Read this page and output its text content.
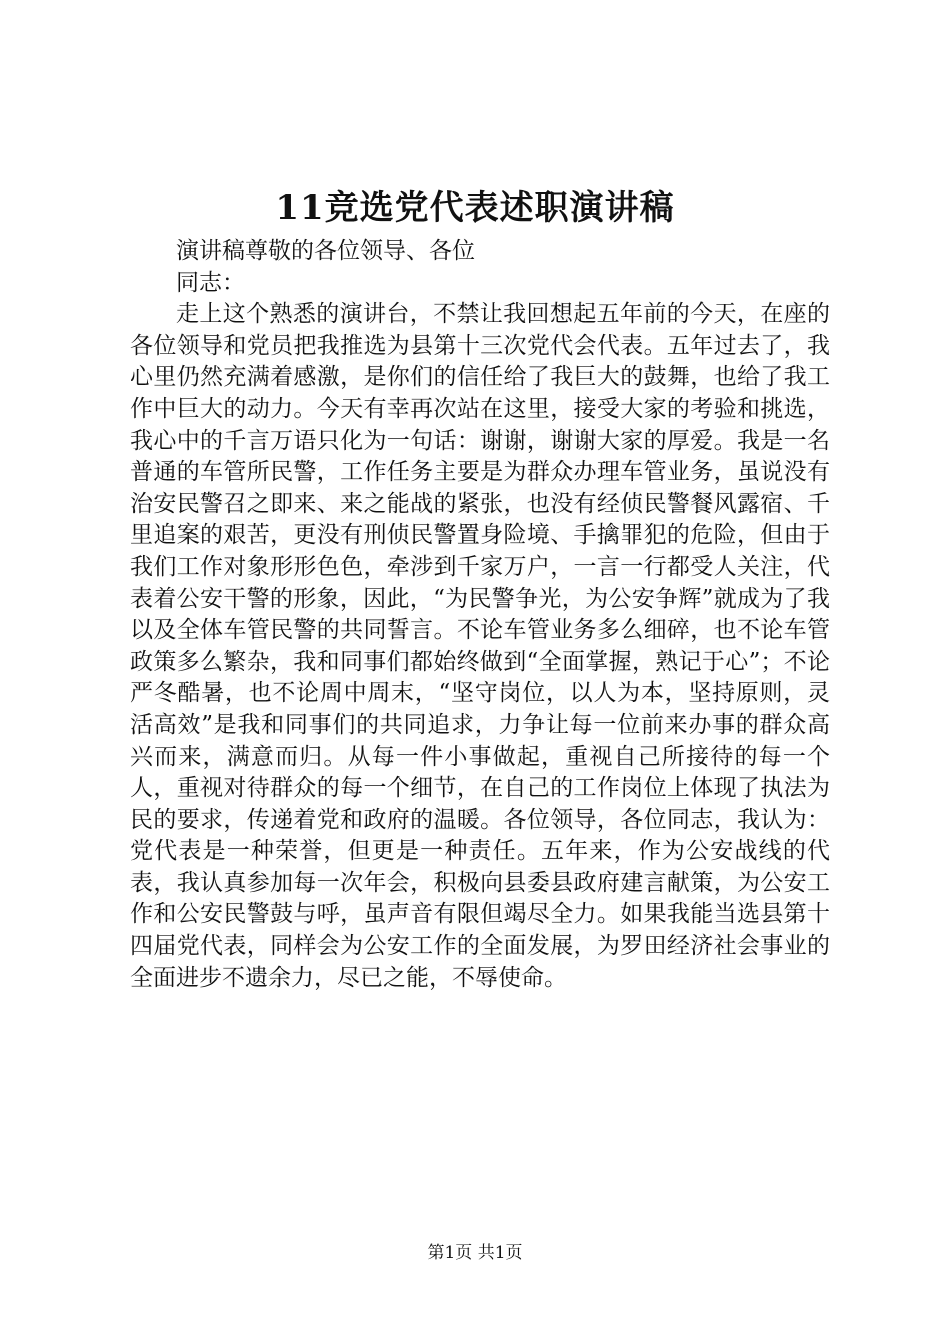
11竞选党代表述职演讲稿

演讲稿尊敬的各位领导、各位

同志：

走上这个熟悉的演讲台，不禁让我回想起五年前的今天，在座的各位领导和党员把我推选为县第十三次党代会代表。五年过去了，我心里仍然充满着感激，是你们的信任给了我巨大的鼓舞，也给了我工作中巨大的动力。今天有幸再次站在这里，接受大家的考验和挑选，我心中的千言万语只化为一句话：谢谢，谢谢大家的厚爱。我是一名普通的车管所民警，工作任务主要是为群众办理车管业务，虽说没有治安民警召之即来、来之能战的紧张，也没有经侦民警餐风露宿、千里追案的艰苦，更没有刑侦民警置身险境、手擒罪犯的危险，但由于我们工作对象形形色色，牵涉到千家万户，一言一行都受人关注，代表着公安干警的形象，因此，“为民警争光，为公安争辉”就成为了我以及全体车管民警的共同誓言。不论车管业务多么细碎，也不论车管政策多么繁杂，我和同事们都始终做到“全面掌握，熟记于心”；不论严冬酷暑，也不论周中周末，“坚守岗位，以人为本，坚持原则，灵活高效”是我和同事们的共同追求，力争让每一位前来办事的群众高兴而来，满意而归。从每一件小事做起，重视自己所接待的每一个人，重视对待群众的每一个细节，在自己的工作岗位上体现了执法为民的要求，传递着党和政府的温暖。各位领导，各位同志，我认为：党代表是一种荣誉，但更是一种责任。五年来，作为公安战线的代表，我认真参加每一次年会，积极向县委县政府建言献策，为公安工作和公安民警鼓与呼，虽声音有限但竭尽全力。如果我能当选县第十四届党代表，同样会为公安工作的全面发展，为罗田经济社会事业的全面进步不遗余力，尽已之能，不辱使命。

第1页 共1页
